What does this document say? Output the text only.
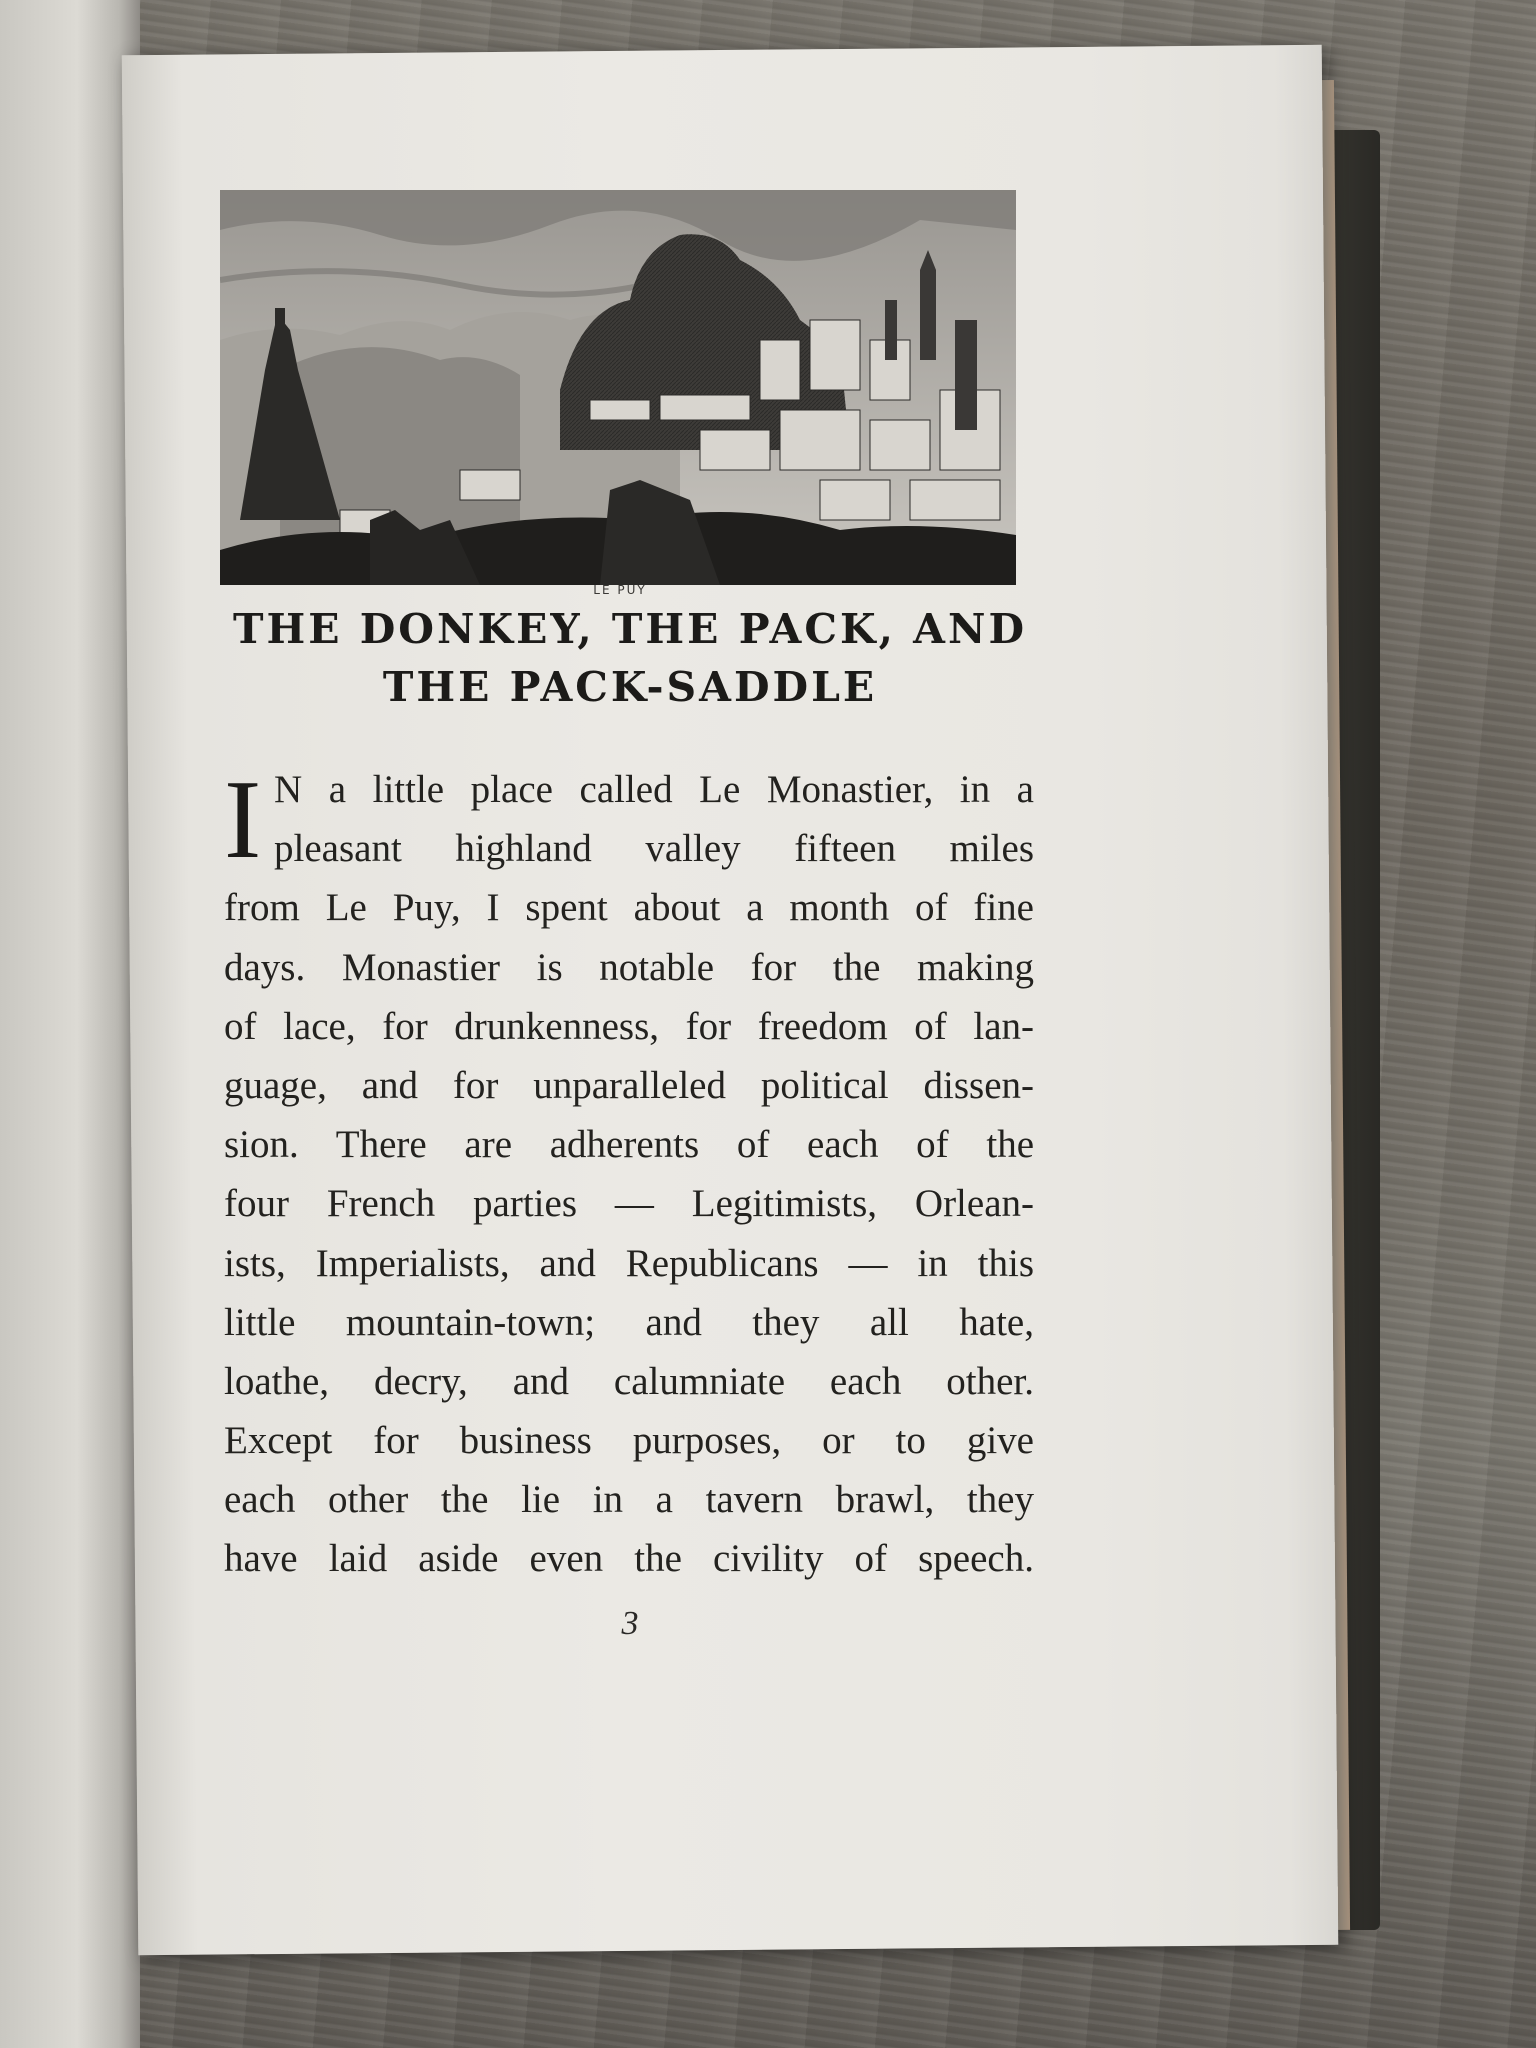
LE PUY
THE DONKEY, THE PACK, AND
THE PACK-SADDLE
I N a little place called Le Monastier, in a
pleasant highland valley fifteen miles
from Le Puy, I spent about a month of fine
days. Monastier is notable for the making
of lace, for drunkenness, for freedom of lan-
guage, and for unparalleled political dissen-
sion. There are adherents of each of the
four French parties — Legitimists, Orlean-
ists, Imperialists, and Republicans — in this
little mountain-town; and they all hate,
loathe, decry, and calumniate each other.
Except for business purposes, or to give
each other the lie in a tavern brawl, they
have laid aside even the civility of speech.
3
